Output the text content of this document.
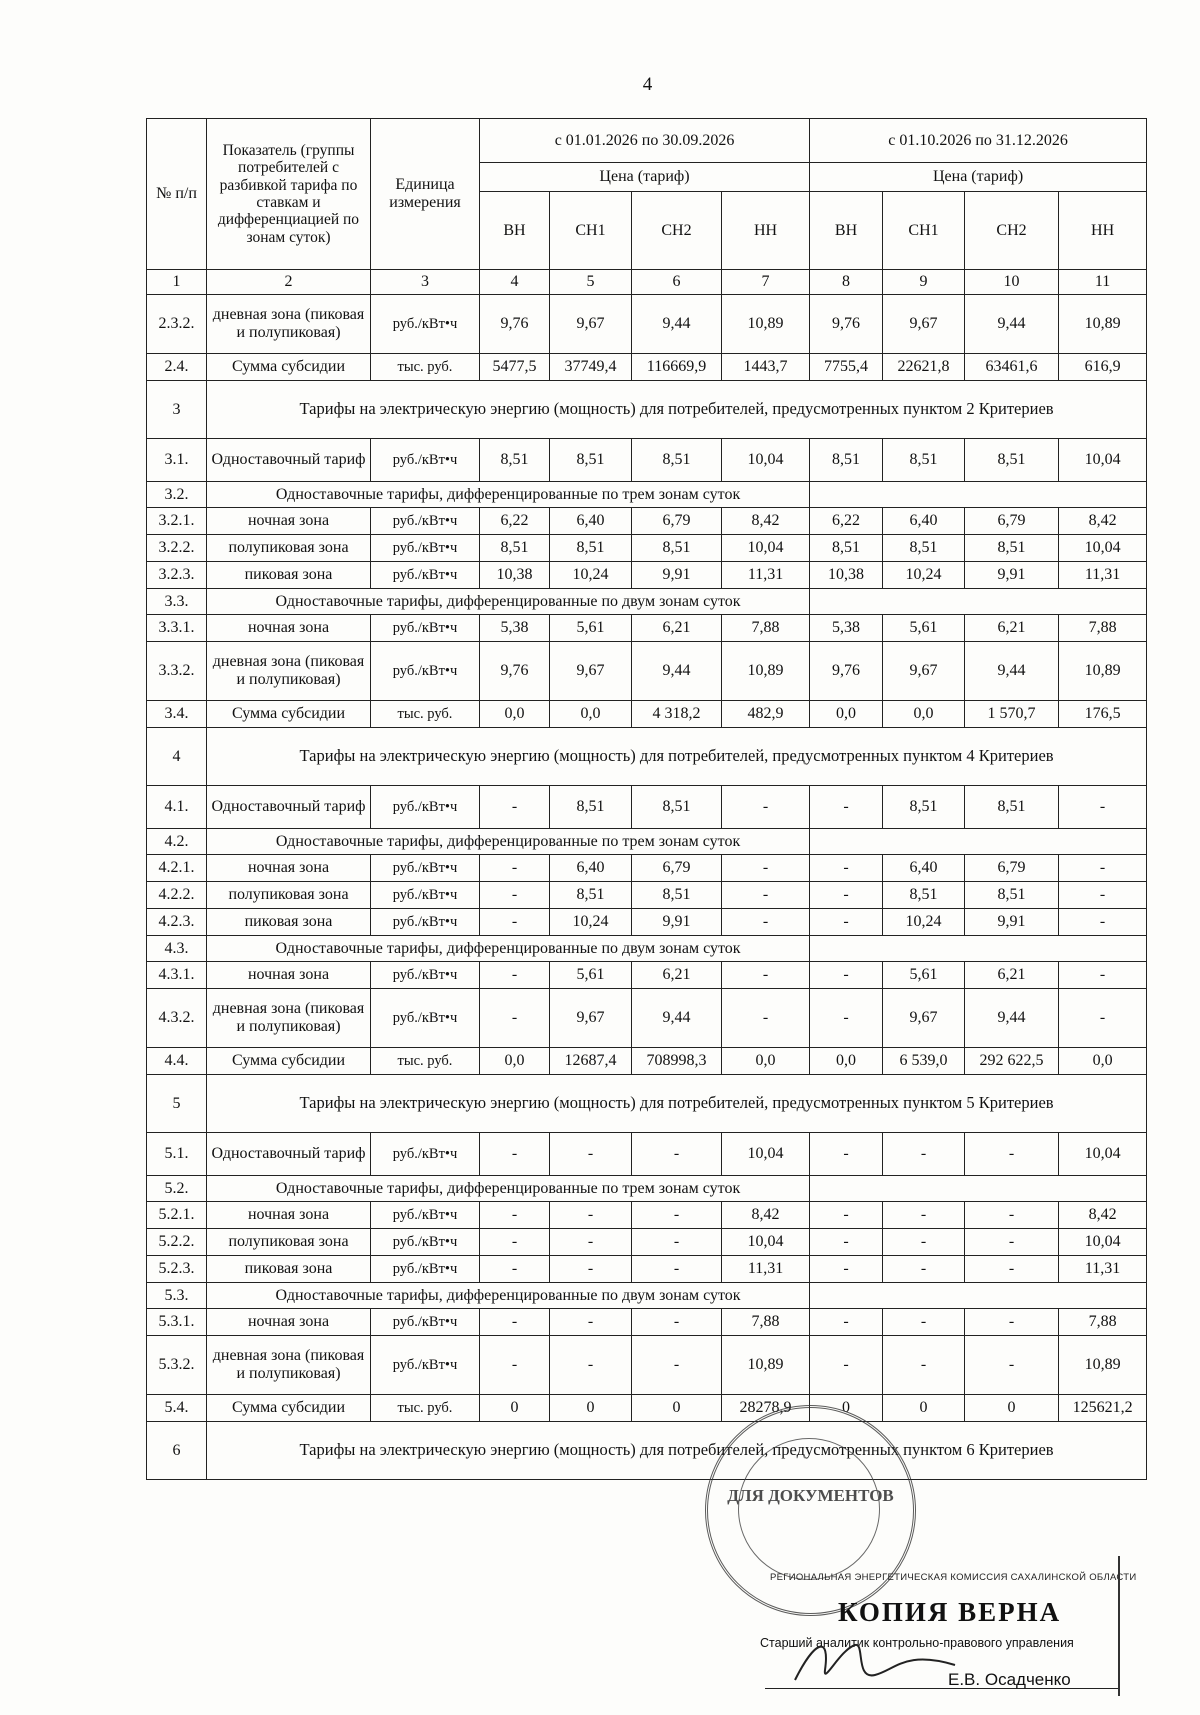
4
№ п/п	Показатель (группы потребителей с разбивкой тарифа по ставкам и дифференциацией по зонам суток)	Единица измерения	с 01.01.2026 по 30.09.2026				с 01.10.2026 по 31.12.2026			
			Цена (тариф)				Цена (тариф)			
			ВН	СН1	СН2	НН	ВН	СН1	СН2	НН
1	2	3	4	5	6	7	8	9	10	11
2.3.2.	дневная зона (пиковая и полупиковая)	руб./кВт•ч	9,76	9,67	9,44	10,89	9,76	9,67	9,44	10,89
2.4.	Сумма субсидии	тыс. руб.	5477,5	37749,4	116669,9	1443,7	7755,4	22621,8	63461,6	616,9
3	Тарифы на электрическую энергию (мощность) для потребителей, предусмотренных пунктом 2 Критериев									
3.1.	Одноставочный тариф	руб./кВт•ч	8,51	8,51	8,51	10,04	8,51	8,51	8,51	10,04
3.2.	Одноставочные тарифы, дифференцированные по трем зонам суток									
3.2.1.	ночная зона	руб./кВт•ч	6,22	6,40	6,79	8,42	6,22	6,40	6,79	8,42
3.2.2.	полупиковая зона	руб./кВт•ч	8,51	8,51	8,51	10,04	8,51	8,51	8,51	10,04
3.2.3.	пиковая зона	руб./кВт•ч	10,38	10,24	9,91	11,31	10,38	10,24	9,91	11,31
3.3.	Одноставочные тарифы, дифференцированные по двум зонам суток									
3.3.1.	ночная зона	руб./кВт•ч	5,38	5,61	6,21	7,88	5,38	5,61	6,21	7,88
3.3.2.	дневная зона (пиковая и полупиковая)	руб./кВт•ч	9,76	9,67	9,44	10,89	9,76	9,67	9,44	10,89
3.4.	Сумма субсидии	тыс. руб.	0,0	0,0	4 318,2	482,9	0,0	0,0	1 570,7	176,5
4	Тарифы на электрическую энергию (мощность) для потребителей, предусмотренных пунктом 4 Критериев									
4.1.	Одноставочный тариф	руб./кВт•ч	-	8,51	8,51	-	-	8,51	8,51	-
4.2.	Одноставочные тарифы, дифференцированные по трем зонам суток									
4.2.1.	ночная зона	руб./кВт•ч	-	6,40	6,79	-	-	6,40	6,79	-
4.2.2.	полупиковая зона	руб./кВт•ч	-	8,51	8,51	-	-	8,51	8,51	-
4.2.3.	пиковая зона	руб./кВт•ч	-	10,24	9,91	-	-	10,24	9,91	-
4.3.	Одноставочные тарифы, дифференцированные по двум зонам суток									
4.3.1.	ночная зона	руб./кВт•ч	-	5,61	6,21	-	-	5,61	6,21	-
4.3.2.	дневная зона (пиковая и полупиковая)	руб./кВт•ч	-	9,67	9,44	-	-	9,67	9,44	-
4.4.	Сумма субсидии	тыс. руб.	0,0	12687,4	708998,3	0,0	0,0	6 539,0	292 622,5	0,0
5	Тарифы на электрическую энергию (мощность) для потребителей, предусмотренных пунктом 5 Критериев									
5.1.	Одноставочный тариф	руб./кВт•ч	-	-	-	10,04	-	-	-	10,04
5.2.	Одноставочные тарифы, дифференцированные по трем зонам суток									
5.2.1.	ночная зона	руб./кВт•ч	-	-	-	8,42	-	-	-	8,42
5.2.2.	полупиковая зона	руб./кВт•ч	-	-	-	10,04	-	-	-	10,04
5.2.3.	пиковая зона	руб./кВт•ч	-	-	-	11,31	-	-	-	11,31
5.3.	Одноставочные тарифы, дифференцированные по двум зонам суток									
5.3.1.	ночная зона	руб./кВт•ч	-	-	-	7,88	-	-	-	7,88
5.3.2.	дневная зона (пиковая и полупиковая)	руб./кВт•ч	-	-	-	10,89	-	-	-	10,89
5.4.	Сумма субсидии	тыс. руб.	0	0	0	28278,9	0	0	0	125621,2
6	Тарифы на электрическую энергию (мощность) для потребителей, предусмотренных пунктом 6 Критериев									
ДЛЯ ДОКУМЕНТОВ
РЕГИОНАЛЬНАЯ ЭНЕРГЕТИЧЕСКАЯ КОМИССИЯ САХАЛИНСКОЙ ОБЛАСТИ
КОПИЯ ВЕРНА
Старший аналитик контрольно-правового управления
Е.В. Осадченко
